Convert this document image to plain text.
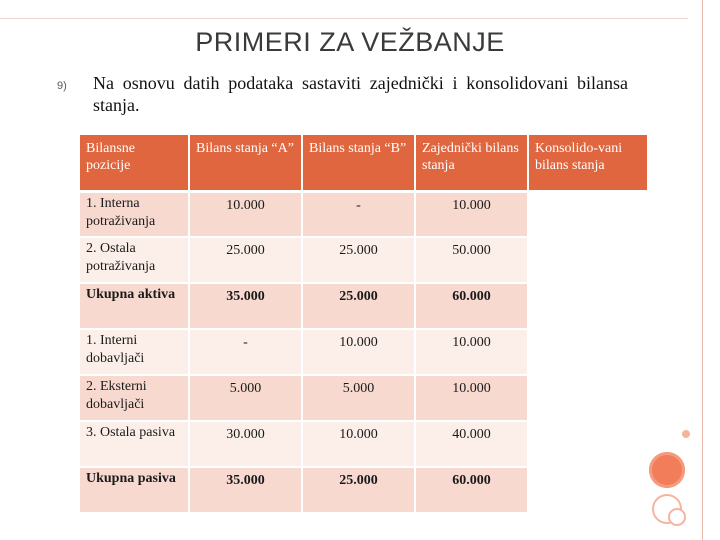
PRIMERI ZA VEŽBANJE
9) Na osnovu datih podataka sastaviti zajednički i konsolidovani bilansa stanja.
Bilansne pozicije	Bilans stanja “A”	Bilans stanja “B”	Zajednički bilans stanja	Konsolido-vani bilans stanja
1. Interna potraživanja	10.000	-	10.000	
2. Ostala potraživanja	25.000	25.000	50.000	
Ukupna aktiva	35.000	25.000	60.000	
1. Interni dobavljači	-	10.000	10.000	
2. Eksterni dobavljači	5.000	5.000	10.000	
3. Ostala pasiva	30.000	10.000	40.000	
Ukupna pasiva	35.000	25.000	60.000	
